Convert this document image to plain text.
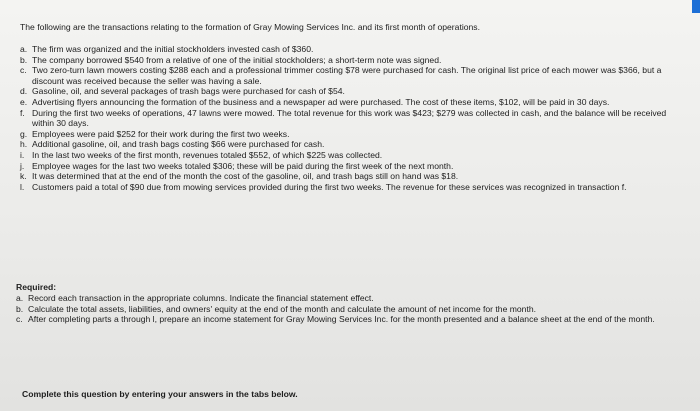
The following are the transactions relating to the formation of Gray Mowing Services Inc. and its first month of operations.
a. The firm was organized and the initial stockholders invested cash of $360.
b. The company borrowed $540 from a relative of one of the initial stockholders; a short-term note was signed.
c. Two zero-turn lawn mowers costing $288 each and a professional trimmer costing $78 were purchased for cash. The original list price of each mower was $366, but a discount was received because the seller was having a sale.
d. Gasoline, oil, and several packages of trash bags were purchased for cash of $54.
e. Advertising flyers announcing the formation of the business and a newspaper ad were purchased. The cost of these items, $102, will be paid in 30 days.
f. During the first two weeks of operations, 47 lawns were mowed. The total revenue for this work was $423; $279 was collected in cash, and the balance will be received within 30 days.
g. Employees were paid $252 for their work during the first two weeks.
h. Additional gasoline, oil, and trash bags costing $66 were purchased for cash.
i. In the last two weeks of the first month, revenues totaled $552, of which $225 was collected.
j. Employee wages for the last two weeks totaled $306; these will be paid during the first week of the next month.
k. It was determined that at the end of the month the cost of the gasoline, oil, and trash bags still on hand was $18.
l. Customers paid a total of $90 due from mowing services provided during the first two weeks. The revenue for these services was recognized in transaction f.
Required:
a. Record each transaction in the appropriate columns. Indicate the financial statement effect.
b. Calculate the total assets, liabilities, and owners' equity at the end of the month and calculate the amount of net income for the month.
c. After completing parts a through l, prepare an income statement for Gray Mowing Services Inc. for the month presented and a balance sheet at the end of the month.
Complete this question by entering your answers in the tabs below.
